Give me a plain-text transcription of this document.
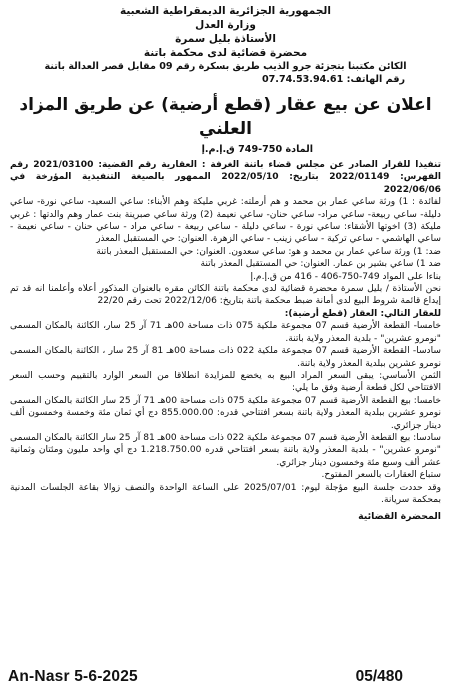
الجمهورية الجزائرية الديمقراطية الشعبية
وزارة العدل
الأستاذة بليل سمرة
محضرة قضائية لدى محكمة باتنة
الكائن مكتبنا بتجزئة جرو الذيب طريق بسكرة رقم 09 مقابل قصر العدالة باتنة
رقم الهاتف: 07.74.53.94.61
اعلان عن بيع عقار (قطع أرضية) عن طريق المزاد العلني
المادة 750-749 ق.إ.م.إ

تنفيذا للقرار الصادر عن مجلس قضاء باتنة الغرفة : العقارية رقم القضية: 2021/03100 رقم الفهرس: 2022/01149 بتاريخ: 2022/05/10 الممهور بالصيغة التنفيذية المؤرخة في 2022/06/06

لفائدة : 1) ورثة ساعي عمار بن محمد و هم أرملته: غربي مليكة وهم الأبناء: ساعي السعيد- ساعي نورة- ساعي دليلة- ساعي ربيعة- ساعي مراد- ساعي حنان- ساعي نعيمة (2) ورثة ساعي صبرينة بنت عمار وهم والدتها : غربي مليكة (3) اخوتها الأشقاء: ساعي نورة - ساعي دليلة - ساعي ربيعة - ساعي مراد - ساعي حنان - ساعي نعيمة - ساعي الهاشمي - ساعي تركية - ساعي زينب - ساعي الزهرة. العنوان: حي المستقبل المعذر

ضد: 1) ورثة ساعي عمار بن محمد و هو: ساعي سعدون. العنوان: حي المستقبل المعذر باتنة

ضد 1) ساعي بشير بن عمار. العنوان: حي المستقبل المعذر باتنة

بناءا على المواد 749-750-406 - 416 من ق.إ.م.إ

نحن الأستاذة / بليل سمرة محضرة قضائية لدى محكمة باتنة الكائن مقره بالعنوان المذكور أعلاه وأعلمنا انه قد تم إيداع قائمة شروط البيع لدى أمانة ضبط محكمة باتنة بتاريخ: 2022/12/06 تحت رقم 22/20

للعقار التالي: العقار (قطع أرضية):

خامسا- القطعة الأرضية قسم 07 مجموعة ملكية 075 ذات مساحة 00هـ 71 آر 25 سار، الكائنة بالمكان المسمى "نومرو عشرين" - بلدية المعذر ولاية باتنة.

سادسا- القطعة الأرضية قسم 07 مجموعة ملكية 022 ذات مساحة 00هـ 81 آر 25 سار ، الكائنة بالمكان المسمى نومرو عشرين ببلدية المعذر ولاية باتنة.

الثمن الأساسي: يبقى السعر المراد البيع به يخضع للمزايدة انطلاقا من السعر الوارد بالتقييم وحسب السعر الافتتاحي لكل قطعة أرضية وفق ما يلي:

خامسا: بيع القطعة الأرضية قسم 07 مجموعة ملكية 075 ذات مساحة 00هـ 71 آر 25 سار الكائنة بالمكان المسمى نومرو عشرين ببلدية المعذر ولاية باتنة بسعر افتتاحي قدره: 855.000.00 دج أي ثمان مئة وخمسة وخمسون ألف دينار جزائري.

سادسا: بيع القطعة الأرضية قسم 07 مجموعة ملكية 022 ذات مساحة 00هـ 81 آر 25 سار الكائنة بالمكان المسمى "نومرو عشرين" - بلدية المعذر ولاية باتنة بسعر افتتاحي قدره 1.218.750.00 دج أي واحد مليون ومئتان وثمانية عشر ألف وسبع مئة وخمسون دينار جزائري.

ستباع العقارات بالسعر المفتوح.

وقد حددت جلسة البيع مؤجلة ليوم: 2025/07/01 على الساعة الواحدة والنصف زوالا بقاعة الجلسات المدنية بمحكمة سريانة.

المحضرة القضائية
An-Nasr 5-6-2025	05/480
